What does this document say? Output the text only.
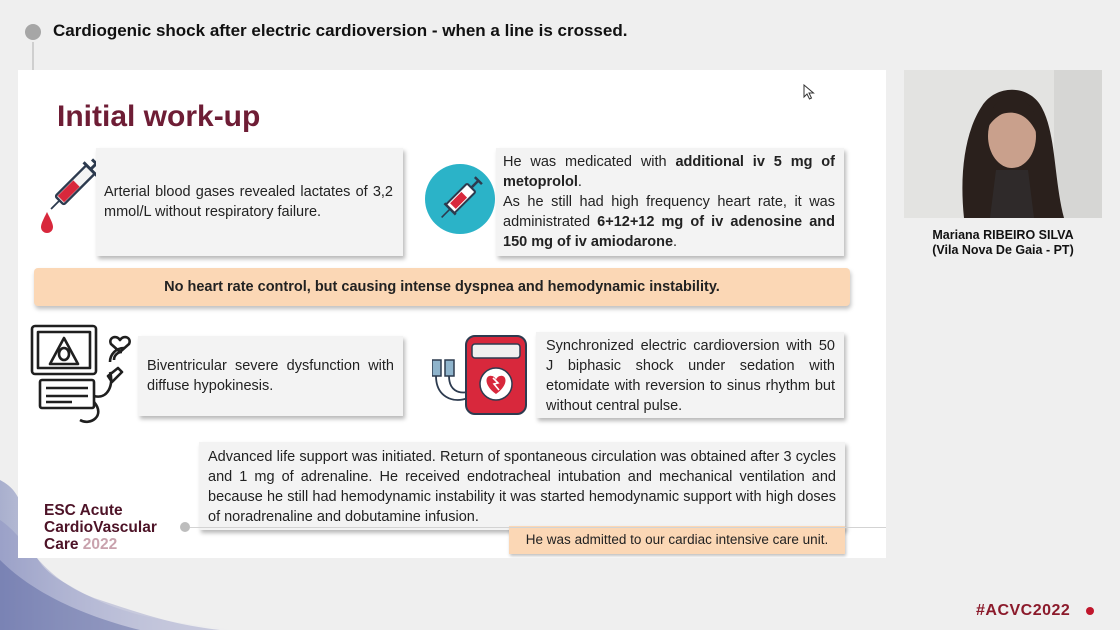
Cardiogenic shock after electric cardioversion - when a line is crossed.
Initial work-up

Arterial blood gases revealed lactates of 3,2 mmol/L without respiratory failure.

He was medicated with additional iv 5 mg of metoprolol.

As he still had high frequency heart rate, it was administrated 6+12+12 mg of iv adenosine and 150 mg of iv amiodarone.

No heart rate control, but causing intense dyspnea and hemodynamic instability.

Biventricular severe dysfunction with diffuse hypokinesis.

Synchronized electric cardioversion with 50 J biphasic shock under sedation with etomidate with reversion to sinus rhythm but without central pulse.

Advanced life support was initiated. Return of spontaneous circulation was obtained after 3 cycles and 1 mg of adrenaline. He received endotracheal intubation and mechanical ventilation and because he still had hemodynamic instability it was started hemodynamic support with high doses of noradrenaline and dobutamine infusion.

He was admitted to our cardiac intensive care unit.
ESC Acute
CardioVascular
Care 2022
Mariana RIBEIRO SILVA
(Vila Nova De Gaia - PT)
#ACVC2022
